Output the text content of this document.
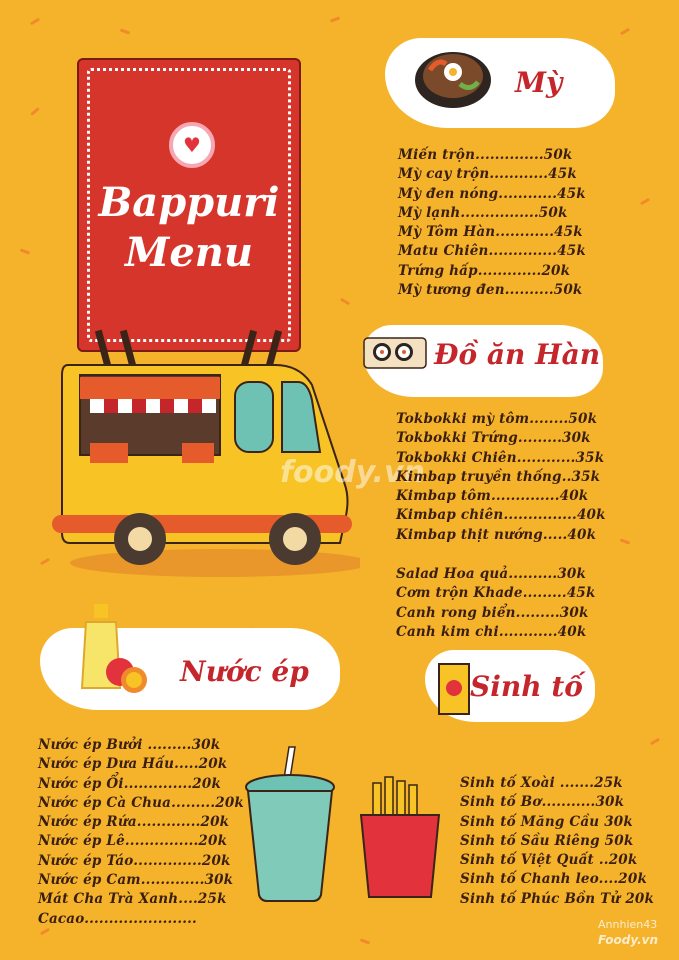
♥
Bappuri
Menu
foody.vn
Mỳ
Miến trộn..............50k
Mỳ cay trộn............45k
Mỳ đen nóng............45k
Mỳ lạnh................50k
Mỳ Tôm Hàn............45k
Matu Chiên..............45k
Trứng hấp.............20k
Mỳ tương đen..........50k
Đồ ăn Hàn
Tokbokki mỳ tôm........50k
Tokbokki Trứng.........30k
Tokbokki Chiên............35k
Kimbap truyền thống..35k
Kimbap tôm..............40k
Kimbap chiên...............40k
Kimbap thịt nướng.....40k
Salad Hoa quả..........30k
Cơm trộn Khade.........45k
Canh rong biển.........30k
Canh kim chi............40k
Nước ép
Nước ép Bưởi .........30k
Nước ép Dưa Hấu.....20k
Nước ép Ổi..............20k
Nước ép Cà Chua.........20k
Nước ép Rứa.............20k
Nước ép Lê...............20k
Nước ép Táo..............20k
Nước ép Cam.............30k
Mát Cha Trà Xanh....25k
Cacao.......................
Sinh tố
Sinh tố Xoài .......25k
Sinh tố Bơ...........30k
Sinh tố Măng Cầu 30k
Sinh tố Sầu Riêng 50k
Sinh tố Việt Quất ..20k
Sinh tố Chanh leo....20k
Sinh tố Phúc Bồn Tử 20k
Annhien43
Foody.vn
